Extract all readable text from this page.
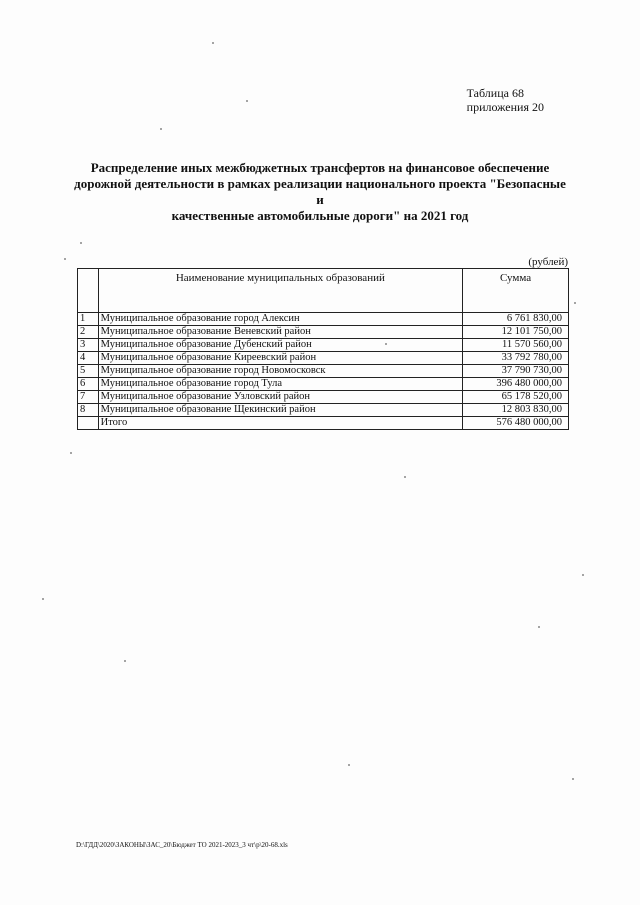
Таблица 68
приложения 20
Распределение иных межбюджетных трансфертов на финансовое обеспечение
дорожной деятельности в рамках реализации национального проекта "Безопасные и
качественные автомобильные дороги" на 2021 год
(рублей)
	Наименование муниципальных образований	Сумма
1	Муниципальное образование город Алексин	6 761 830,00
2	Муниципальное образование Веневский район	12 101 750,00
3	Муниципальное образование Дубенский район	11 570 560,00
4	Муниципальное образование Киреевский район	33 792 780,00
5	Муниципальное образование город Новомосковск	37 790 730,00
6	Муниципальное образование город Тула	396 480 000,00
7	Муниципальное образование Узловский район	65 178 520,00
8	Муниципальное образование Щекинский район	12 803 830,00
	Итого	576 480 000,00
D:\ГДД\2020\ЗАКОНЫ\ЗАС_20\Бюджет ТО 2021-2023_3 чт\р\20-68.xls
